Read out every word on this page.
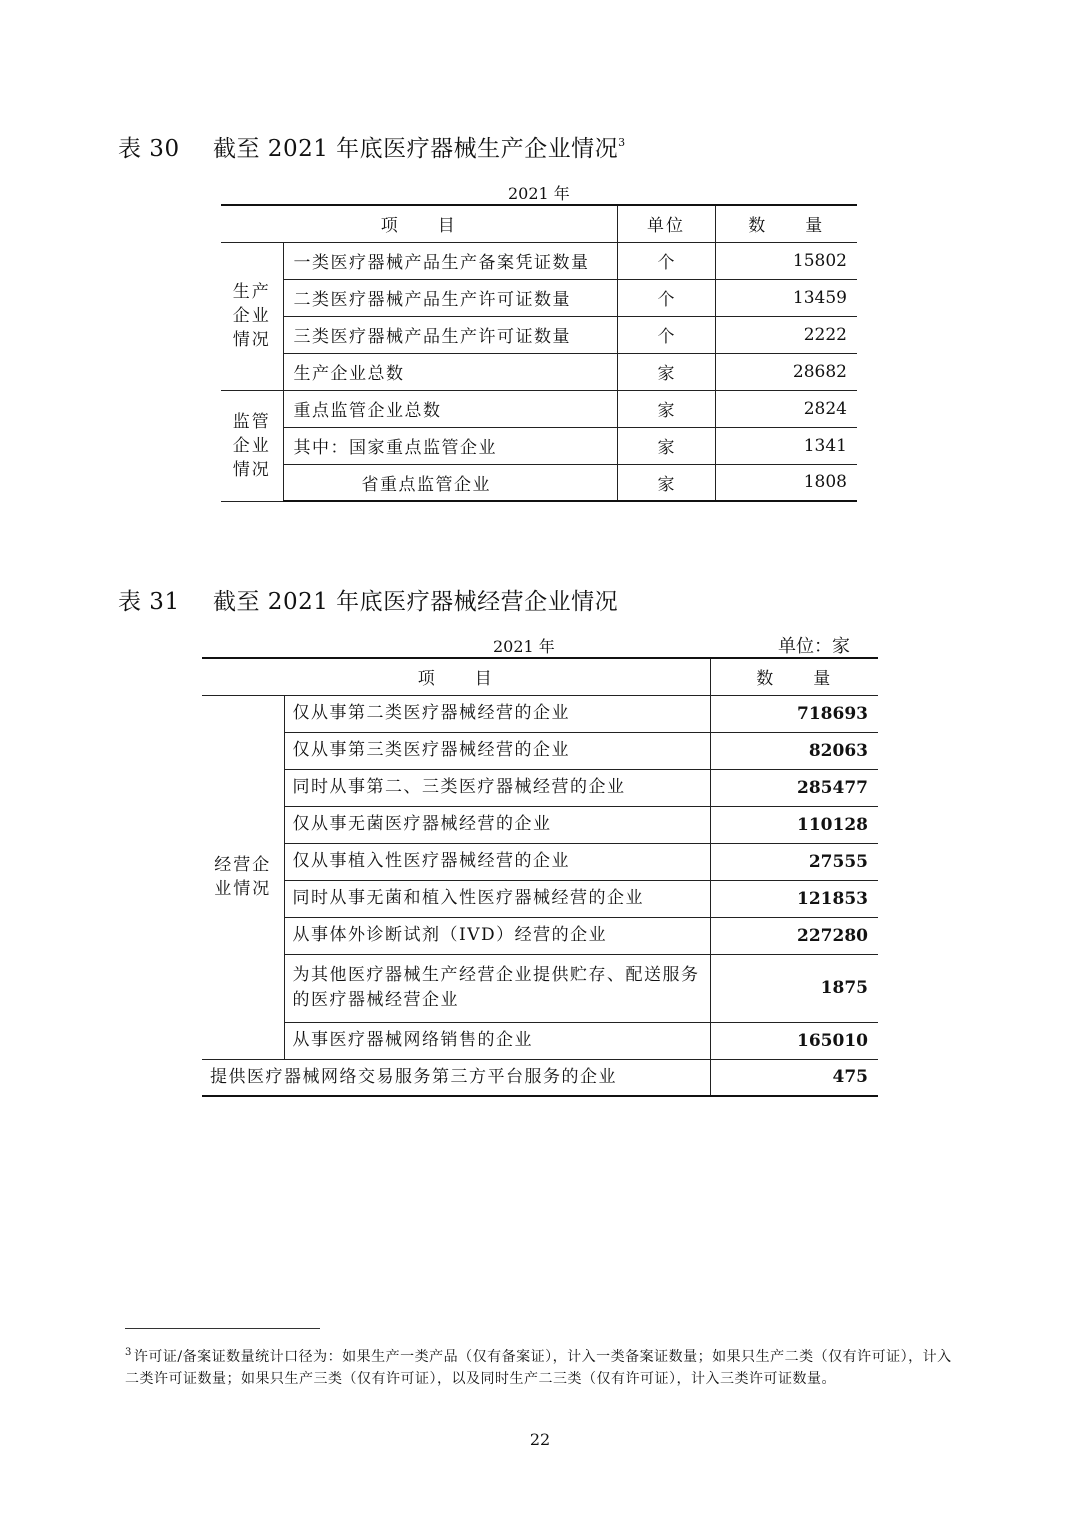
表 30 截至 2021 年底医疗器械生产企业情况$^3$
2021 年
项　　目		单位	数　　量

生产
企业
情况	一类医疗器械产品生产备案凭证数量	个	15802
	二类医疗器械产品生产许可证数量	个	13459
	三类医疗器械产品生产许可证数量	个	2222
	生产企业总数	家	28682

监管
企业
情况	重点监管企业总数	家	2824
	其中：国家重点监管企业	家	1341
	省重点监管企业	家	1808
表 31 截至 2021 年底医疗器械经营企业情况
2021 年	单位：家
项　　目		数　　量

经营企
业情况	仅从事第二类医疗器械经营的企业	718693
	仅从事第三类医疗器械经营的企业	82063
	同时从事第二、三类医疗器械经营的企业	285477
	仅从事无菌医疗器械经营的企业	110128
	仅从事植入性医疗器械经营的企业	27555
	同时从事无菌和植入性医疗器械经营的企业	121853
	从事体外诊断试剂（IVD）经营的企业	227280
	为其他医疗器械生产经营企业提供贮存、配送服务的医疗器械经营企业	1875
	从事医疗器械网络销售的企业	165010
提供医疗器械网络交易服务第三方平台服务的企业		475
$^3$ 许可证/备案证数量统计口径为：如果生产一类产品（仅有备案证），计入一类备案证数量；如果只生产二类（仅有许可证），计入二类许可证数量；如果只生产三类（仅有许可证），以及同时生产二三类（仅有许可证），计入三类许可证数量。
22
